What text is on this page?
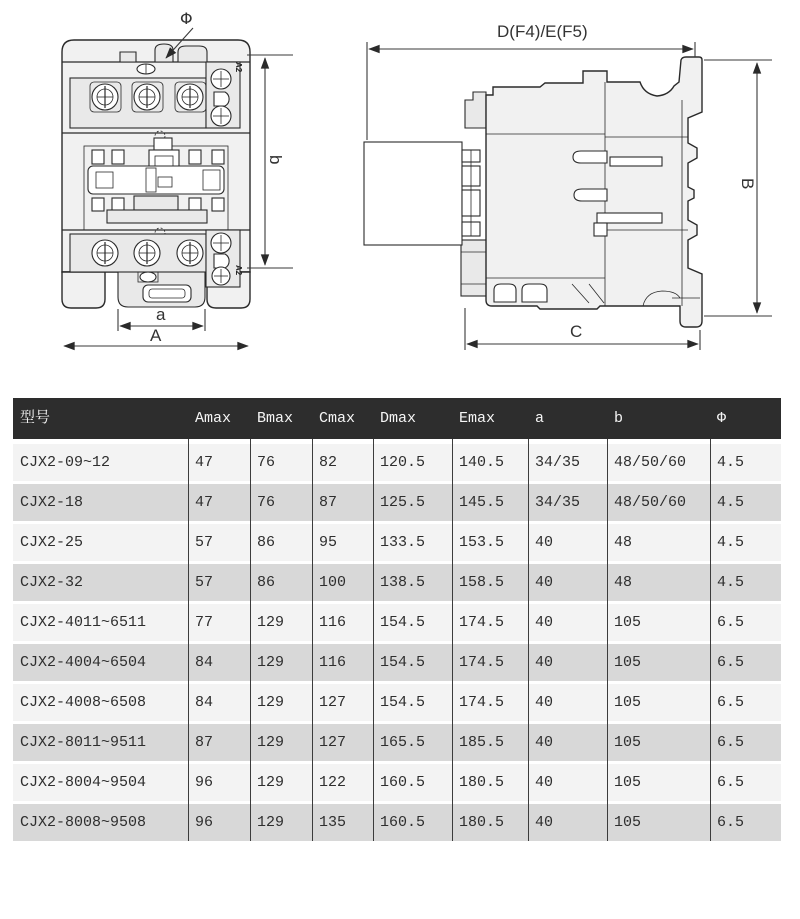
A2
A2
Φ
b
a
A
D(F4)/E(F5)
B
C
型号	Amax	Bmax	Cmax	Dmax	Emax	a	b	Φ
CJX2-09~12	47	76	82	120.5	140.5	34/35	48/50/60	4.5
CJX2-18	47	76	87	125.5	145.5	34/35	48/50/60	4.5
CJX2-25	57	86	95	133.5	153.5	40	48	4.5
CJX2-32	57	86	100	138.5	158.5	40	48	4.5
CJX2-4011~6511	77	129	116	154.5	174.5	40	105	6.5
CJX2-4004~6504	84	129	116	154.5	174.5	40	105	6.5
CJX2-4008~6508	84	129	127	154.5	174.5	40	105	6.5
CJX2-8011~9511	87	129	127	165.5	185.5	40	105	6.5
CJX2-8004~9504	96	129	122	160.5	180.5	40	105	6.5
CJX2-8008~9508	96	129	135	160.5	180.5	40	105	6.5
